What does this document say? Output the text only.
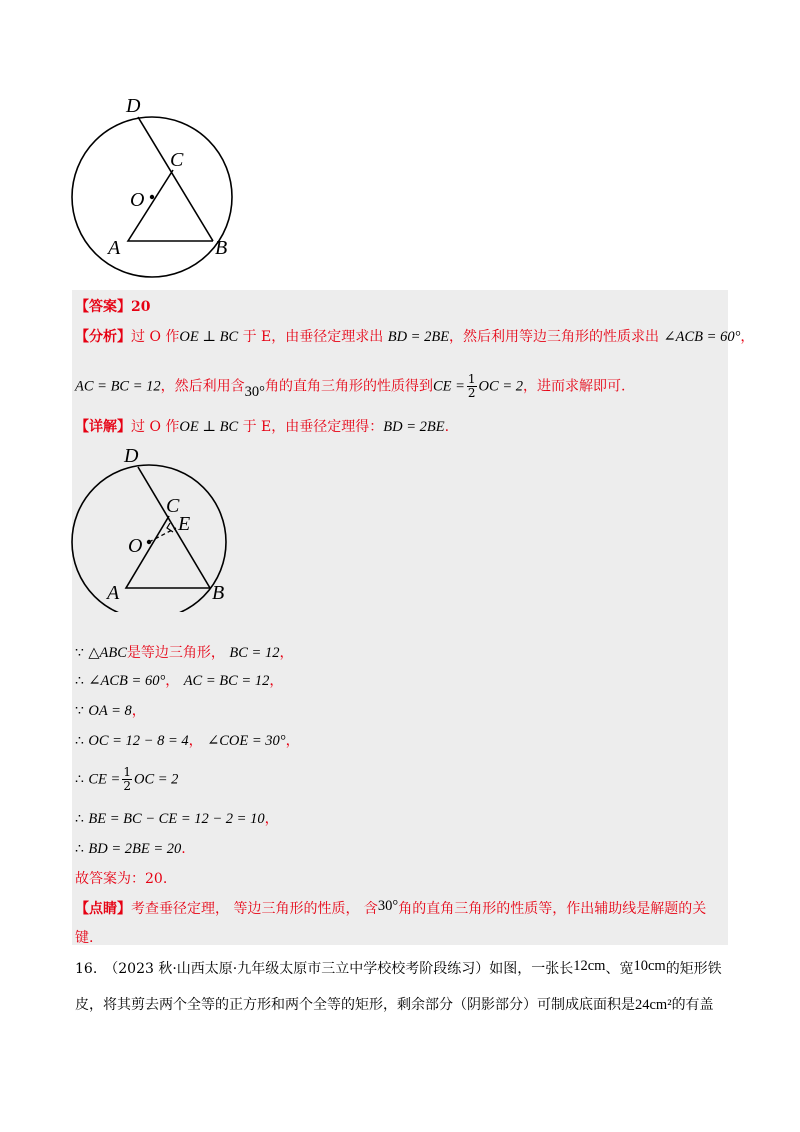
D
C
O
A	B
【答案】20
【分析】过 O 作OE ⊥ BC 于 E，由垂径定理求出 BD = 2BE，然后利用等边三角形的性质求出 ∠ACB = 60°，
AC = BC = 12，然后利用含30°角的直角三角形的性质得到CE = $\frac{1}{2}$ OC = 2，进而求解即可.
【详解】过 O 作OE ⊥ BC 于 E，由垂径定理得：BD = 2BE.
D
C
E
O
A	B
∵ △ABC是等边三角形， BC = 12，
∴ ∠ACB = 60°， AC = BC = 12，
∵ OA = 8，
∴ OC = 12 − 8 = 4， ∠COE = 30°，
∴ CE = $\frac{1}{2}$ OC = 2
∴ BE = BC − CE = 12 − 2 = 10，
∴ BD = 2BE = 20.
故答案为：20.
【点睛】考查垂径定理， 等边三角形的性质， 含30°角的直角三角形的性质等，作出辅助线是解题的关
键.
16.　（2023 秋·山西太原·九年级太原市三立中学校校考阶段练习）如图，一张长12cm、宽10cm的矩形铁
皮，将其剪去两个全等的正方形和两个全等的矩形，剩余部分（阴影部分）可制成底面积是24cm²的有盖
